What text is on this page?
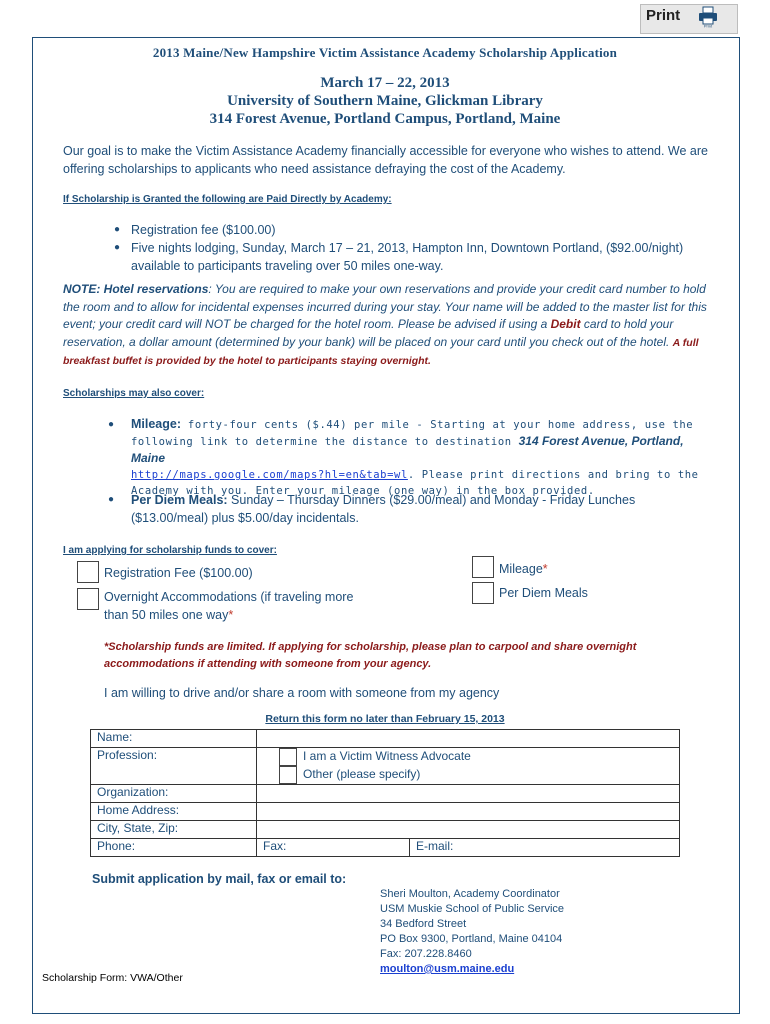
Print
Print
2013 Maine/New Hampshire Victim Assistance Academy Scholarship Application
March 17 – 22, 2013
University of Southern Maine, Glickman Library
314 Forest Avenue, Portland Campus, Portland, Maine
Our goal is to make the Victim Assistance Academy financially accessible for everyone who wishes to attend. We are offering scholarships to applicants who need assistance defraying the cost of the Academy.
If Scholarship is Granted the following are Paid Directly by Academy:
● Registration fee ($100.00)
● Five nights lodging, Sunday, March 17 – 21, 2013, Hampton Inn, Downtown Portland, ($92.00/night) available to participants traveling over 50 miles one-way.
NOTE: Hotel reservations: You are required to make your own reservations and provide your credit card number to hold the room and to allow for incidental expenses incurred during your stay. Your name will be added to the master list for this event; your credit card will NOT be charged for the hotel room. Please be advised if using a Debit card to hold your reservation, a dollar amount (determined by your bank) will be placed on your card until you check out of the hotel. A full breakfast buffet is provided by the hotel to participants staying overnight.
Scholarships may also cover:
● Mileage: forty-four cents ($.44) per mile - Starting at your home address, use the following link to determine the distance to destination 314 Forest Avenue, Portland, Maine
http://maps.google.com/maps?hl=en&tab=wl. Please print directions and bring to the Academy with you. Enter your mileage (one way) in the box provided.
● Per Diem Meals: Sunday – Thursday Dinners ($29.00/meal) and Monday - Friday Lunches ($13.00/meal) plus $5.00/day incidentals.
I am applying for scholarship funds to cover:
Registration Fee ($100.00)
Overnight Accommodations (if traveling more than 50 miles one way*
Mileage*
Per Diem Meals
*Scholarship funds are limited. If applying for scholarship, please plan to carpool and share overnight accommodations if attending with someone from your agency.
I am willing to drive and/or share a room with someone from my agency
Return this form no later than February 15, 2013
Name:		
Profession:	I am a Victim Witness Advocate	
	Other (please specify)	
Organization:		
Home Address:		
City, State, Zip:		
Phone:	Fax:	E-mail:
Submit application by mail, fax or email to:
Sheri Moulton, Academy Coordinator
USM Muskie School of Public Service
34 Bedford Street
PO Box 9300, Portland, Maine 04104
Fax: 207.228.8460
moulton@usm.maine.edu
Scholarship Form: VWA/Other
